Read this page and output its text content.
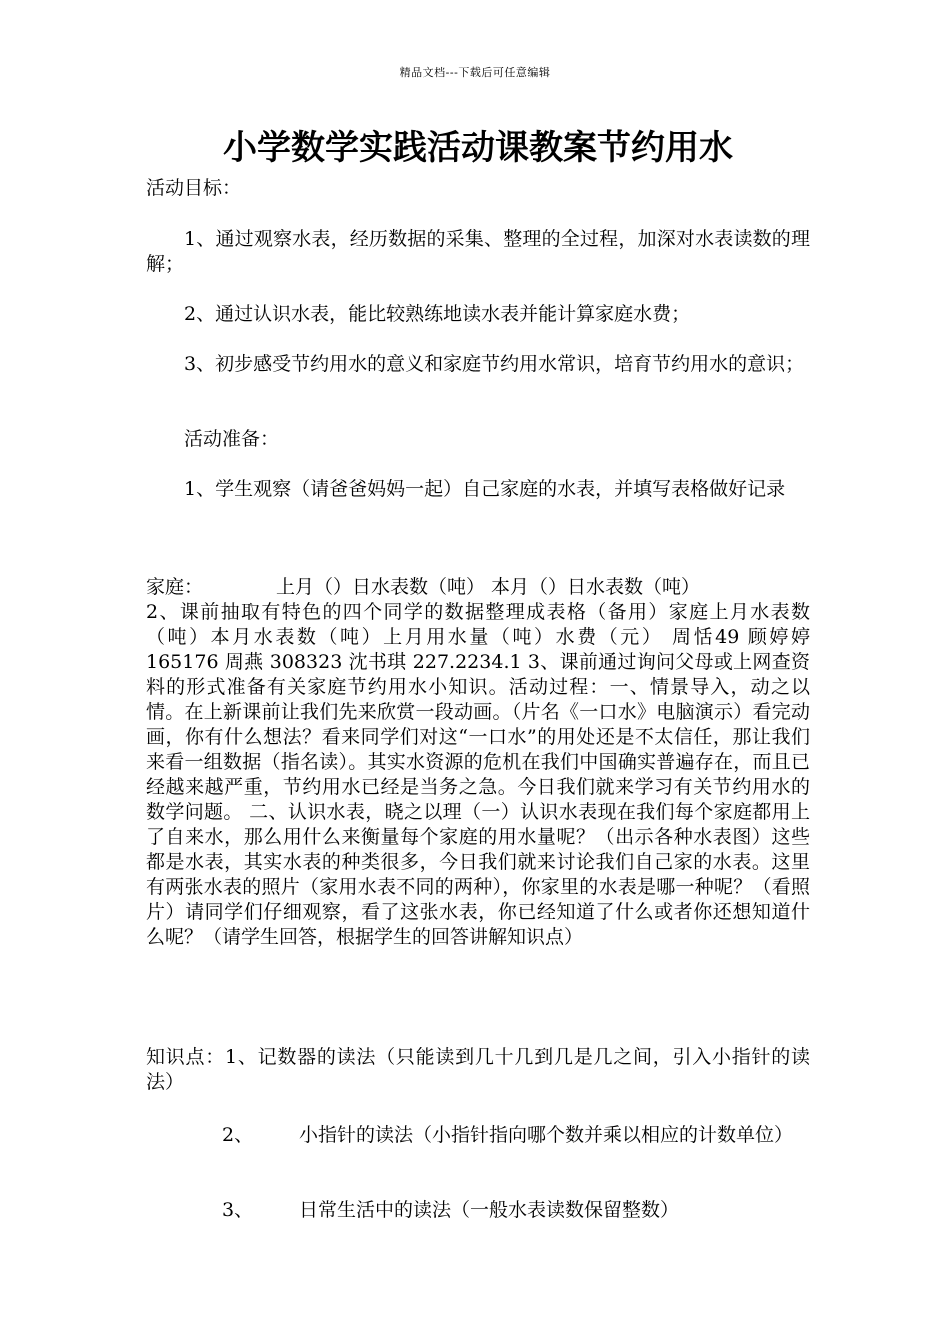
精品文档---下载后可任意编辑
小学数学实践活动课教案节约用水

活动目标：

1、通过观察水表，经历数据的采集、整理的全过程，加深对水表读数的理解；

2、通过认识水表，能比较熟练地读水表并能计算家庭水费；

3、初步感受节约用水的意义和家庭节约用水常识，培育节约用水的意识；

活动准备：

1、学生观察（请爸爸妈妈一起）自己家庭的水表，并填写表格做好记录

家庭：	上月（）日水表数（吨） 本月（）日水表数（吨）
2、课前抽取有特色的四个同学的数据整理成表格（备用）家庭上月水表数（吨）本月水表数（吨）上月用水量（吨）水费（元） 周恬49 顾婷婷 165176 周燕 308323 沈书琪 227.2234.1 3、课前通过询问父母或上网查资料的形式准备有关家庭节约用水小知识。活动过程：一、情景导入，动之以情。在上新课前让我们先来欣赏一段动画。（片名《一口水》电脑演示）看完动画，你有什么想法？看来同学们对这“一口水”的用处还是不太信任，那让我们来看一组数据（指名读）。其实水资源的危机在我们中国确实普遍存在，而且已经越来越严重，节约用水已经是当务之急。今日我们就来学习有关节约用水的数学问题。 二、认识水表，晓之以理（一）认识水表现在我们每个家庭都用上了自来水，那么用什么来衡量每个家庭的用水量呢？（出示各种水表图）这些都是水表，其实水表的种类很多，今日我们就来讨论我们自己家的水表。这里有两张水表的照片（家用水表不同的两种），你家里的水表是哪一种呢？（看照片）请同学们仔细观察，看了这张水表，你已经知道了什么或者你还想知道什么呢？（请学生回答，根据学生的回答讲解知识点）

知识点：1、记数器的读法（只能读到几十几到几是几之间，引入小指针的读法）

2、 小指针的读法（小指针指向哪个数并乘以相应的计数单位）

3、 日常生活中的读法（一般水表读数保留整数）
